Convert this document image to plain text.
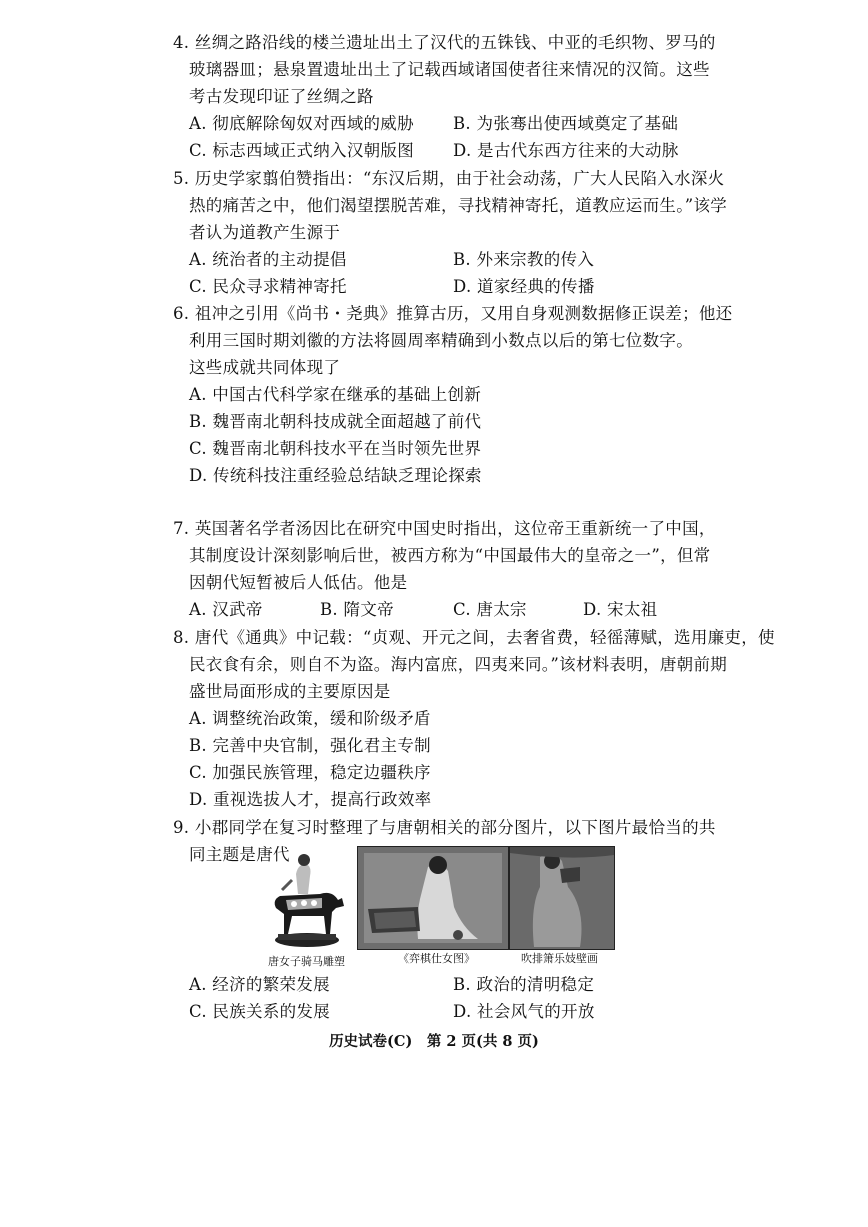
4. 丝绸之路沿线的楼兰遗址出土了汉代的五铢钱、中亚的毛织物、罗马的
玻璃器皿；悬泉置遗址出土了记载西域诸国使者往来情况的汉简。这些
考古发现印证了丝绸之路
A. 彻底解除匈奴对西域的威胁 B. 为张骞出使西域奠定了基础
C. 标志西域正式纳入汉朝版图 D. 是古代东西方往来的大动脉
5. 历史学家翦伯赞指出：“东汉后期，由于社会动荡，广大人民陷入水深火
热的痛苦之中，他们渴望摆脱苦难，寻找精神寄托，道教应运而生。”该学
者认为道教产生源于
A. 统治者的主动提倡	B. 外来宗教的传入
C. 民众寻求精神寄托	D. 道家经典的传播
6. 祖冲之引用《尚书・尧典》推算古历，又用自身观测数据修正误差；他还
利用三国时期刘徽的方法将圆周率精确到小数点以后的第七位数字。
这些成就共同体现了
A. 中国古代科学家在继承的基础上创新
B. 魏晋南北朝科技成就全面超越了前代
C. 魏晋南北朝科技水平在当时领先世界
D. 传统科技注重经验总结缺乏理论探索
7. 英国著名学者汤因比在研究中国史时指出，这位帝王重新统一了中国，
其制度设计深刻影响后世，被西方称为“中国最伟大的皇帝之一”，但常
因朝代短暂被后人低估。他是
A. 汉武帝	B. 隋文帝	C. 唐太宗	D. 宋太祖
8. 唐代《通典》中记载：“贞观、开元之间，去奢省费，轻徭薄赋，选用廉吏，使
民衣食有余，则自不为盗。海内富庶，四夷来同。”该材料表明，唐朝前期
盛世局面形成的主要原因是
A. 调整统治政策，缓和阶级矛盾
B. 完善中央官制，强化君主专制
C. 加强民族管理，稳定边疆秩序
D. 重视选拔人才，提高行政效率
9. 小郡同学在复习时整理了与唐朝相关的部分图片，以下图片最恰当的共
同主题是唐代
唐女子骑马雕塑	《弈棋仕女图》	吹排箫乐妓壁画
A. 经济的繁荣发展	B. 政治的清明稳定
C. 民族关系的发展	D. 社会风气的开放
历史试卷(C)　第 2 页(共 8 页)
